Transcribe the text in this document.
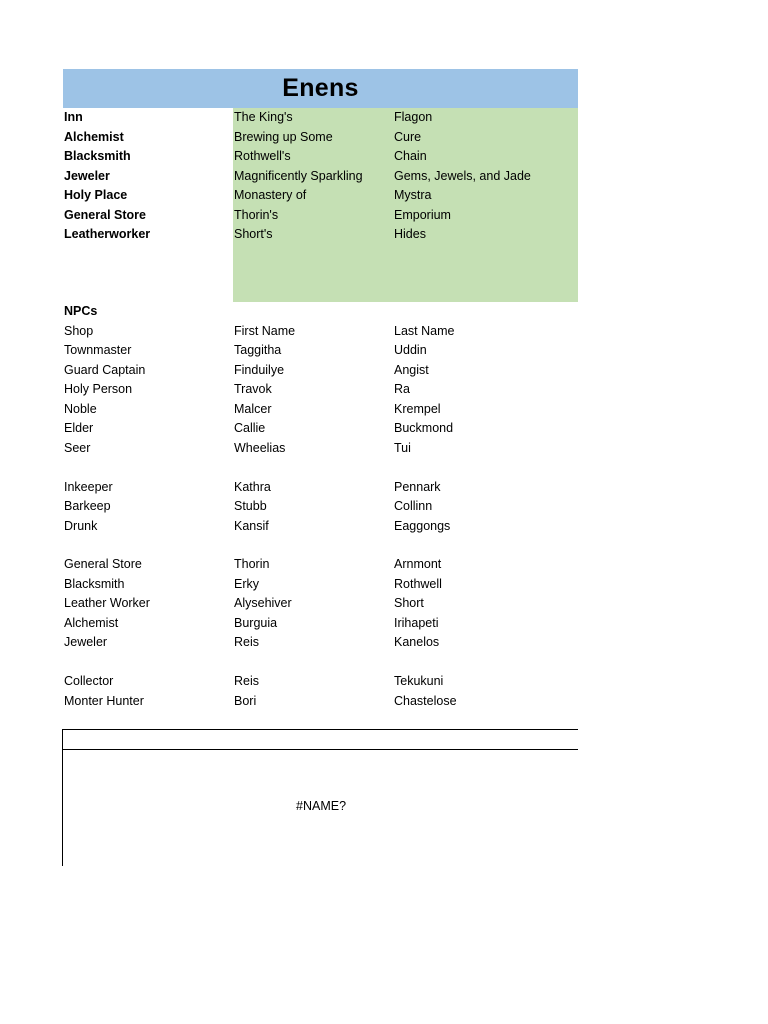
Enens
Inn	The King's	Flagon
Alchemist	Brewing up Some	Cure
Blacksmith	Rothwell's	Chain
Jeweler	Magnificently Sparkling	Gems, Jewels, and Jade
Holy Place	Monastery of	Mystra
General Store	Thorin's	Emporium
Leatherworker	Short's	Hides
NPCs
Shop	First Name	Last Name
Townmaster	Taggitha	Uddin
Guard Captain	Finduilye	Angist
Holy Person	Travok	Ra
Noble	Malcer	Krempel
Elder	Callie	Buckmond
Seer	Wheelias	Tui
Inkeeper	Kathra	Pennark
Barkeep	Stubb	Collinn
Drunk	Kansif	Eaggongs
General Store	Thorin	Arnmont
Blacksmith	Erky	Rothwell
Leather Worker	Alysehiver	Short
Alchemist	Burguia	Irihapeti
Jeweler	Reis	Kanelos
Collector	Reis	Tekukuni
Monter Hunter	Bori	Chastelose
#NAME?
